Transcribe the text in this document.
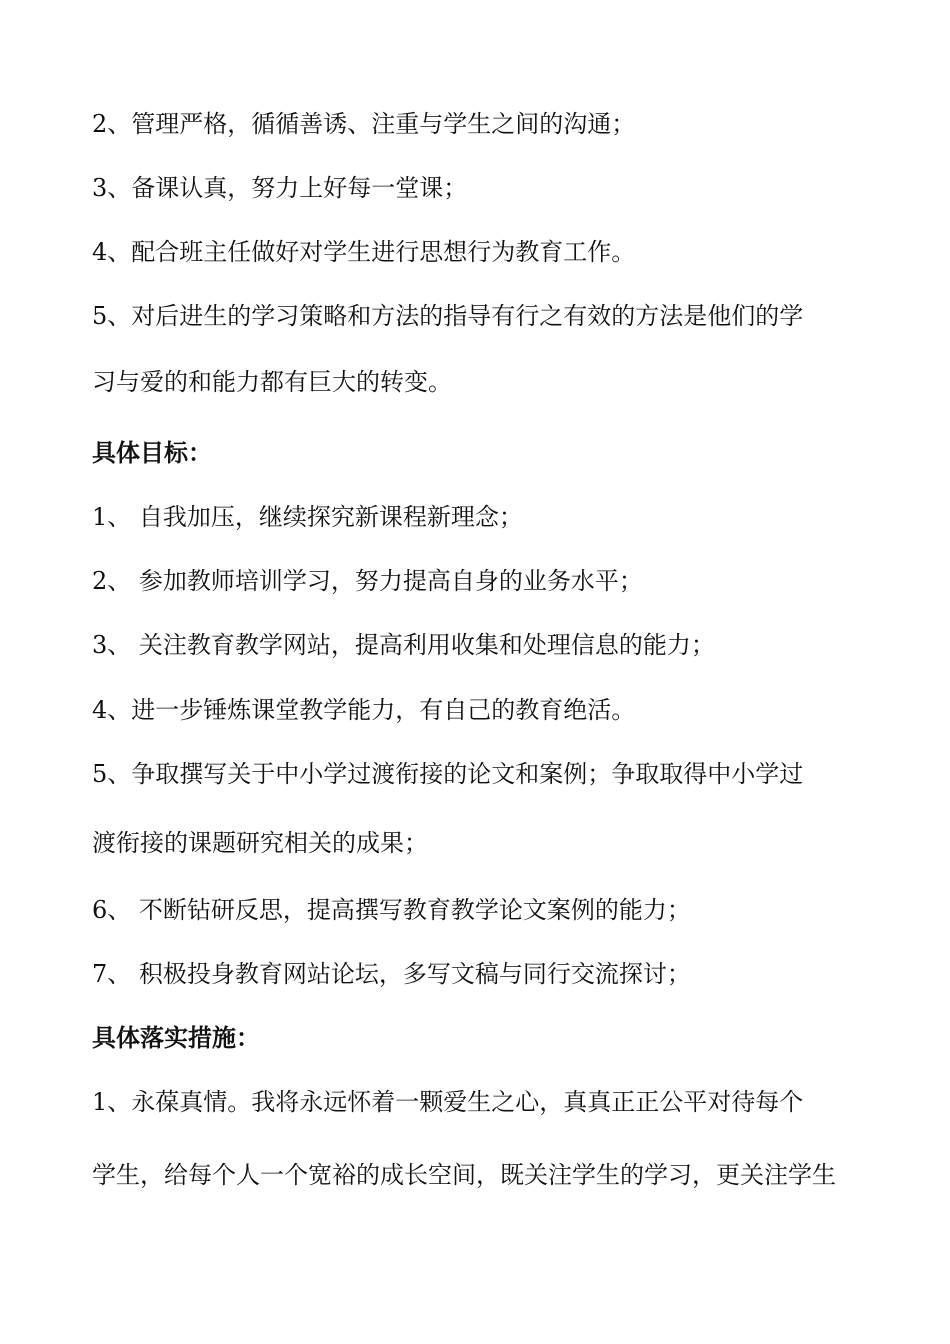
2、管理严格，循循善诱、注重与学生之间的沟通；
3、备课认真，努力上好每一堂课；
4、配合班主任做好对学生进行思想行为教育工作。
5、对后进生的学习策略和方法的指导有行之有效的方法是他们的学
习与爱的和能力都有巨大的转变。
具体目标：
1、 自我加压，继续探究新课程新理念；
2、 参加教师培训学习，努力提高自身的业务水平；
3、 关注教育教学网站，提高利用收集和处理信息的能力；
4、进一步锤炼课堂教学能力，有自己的教育绝活。
5、争取撰写关于中小学过渡衔接的论文和案例；争取取得中小学过
渡衔接的课题研究相关的成果；
6、 不断钻研反思，提高撰写教育教学论文案例的能力；
7、 积极投身教育网站论坛，多写文稿与同行交流探讨；
具体落实措施：
1、永葆真情。我将永远怀着一颗爱生之心，真真正正公平对待每个
学生，给每个人一个宽裕的成长空间，既关注学生的学习，更关注学生
